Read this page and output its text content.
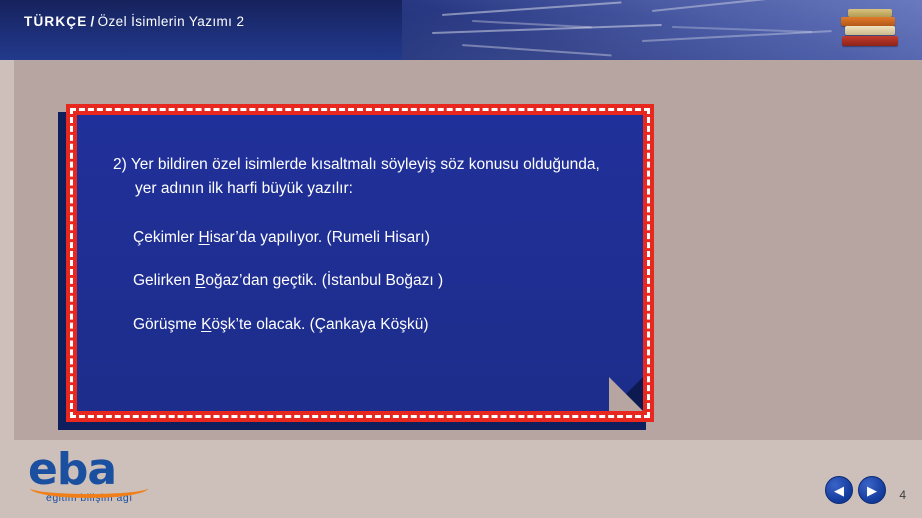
TÜRKÇE / Özel İsimlerin Yazımı 2

2) Yer bildiren özel isimlerde kısaltmalı söyleyiş söz konusu olduğunda, yer adının ilk harfi büyük yazılır:

Çekimler Hisar’da yapılıyor. (Rumeli Hisarı)

Gelirken Boğaz’dan geçtik. (İstanbul Boğazı )

Görüşme Köşk’te olacak. (Çankaya Köşkü)

eba
eğitim bilişim ağı
◀ ▶ 4
